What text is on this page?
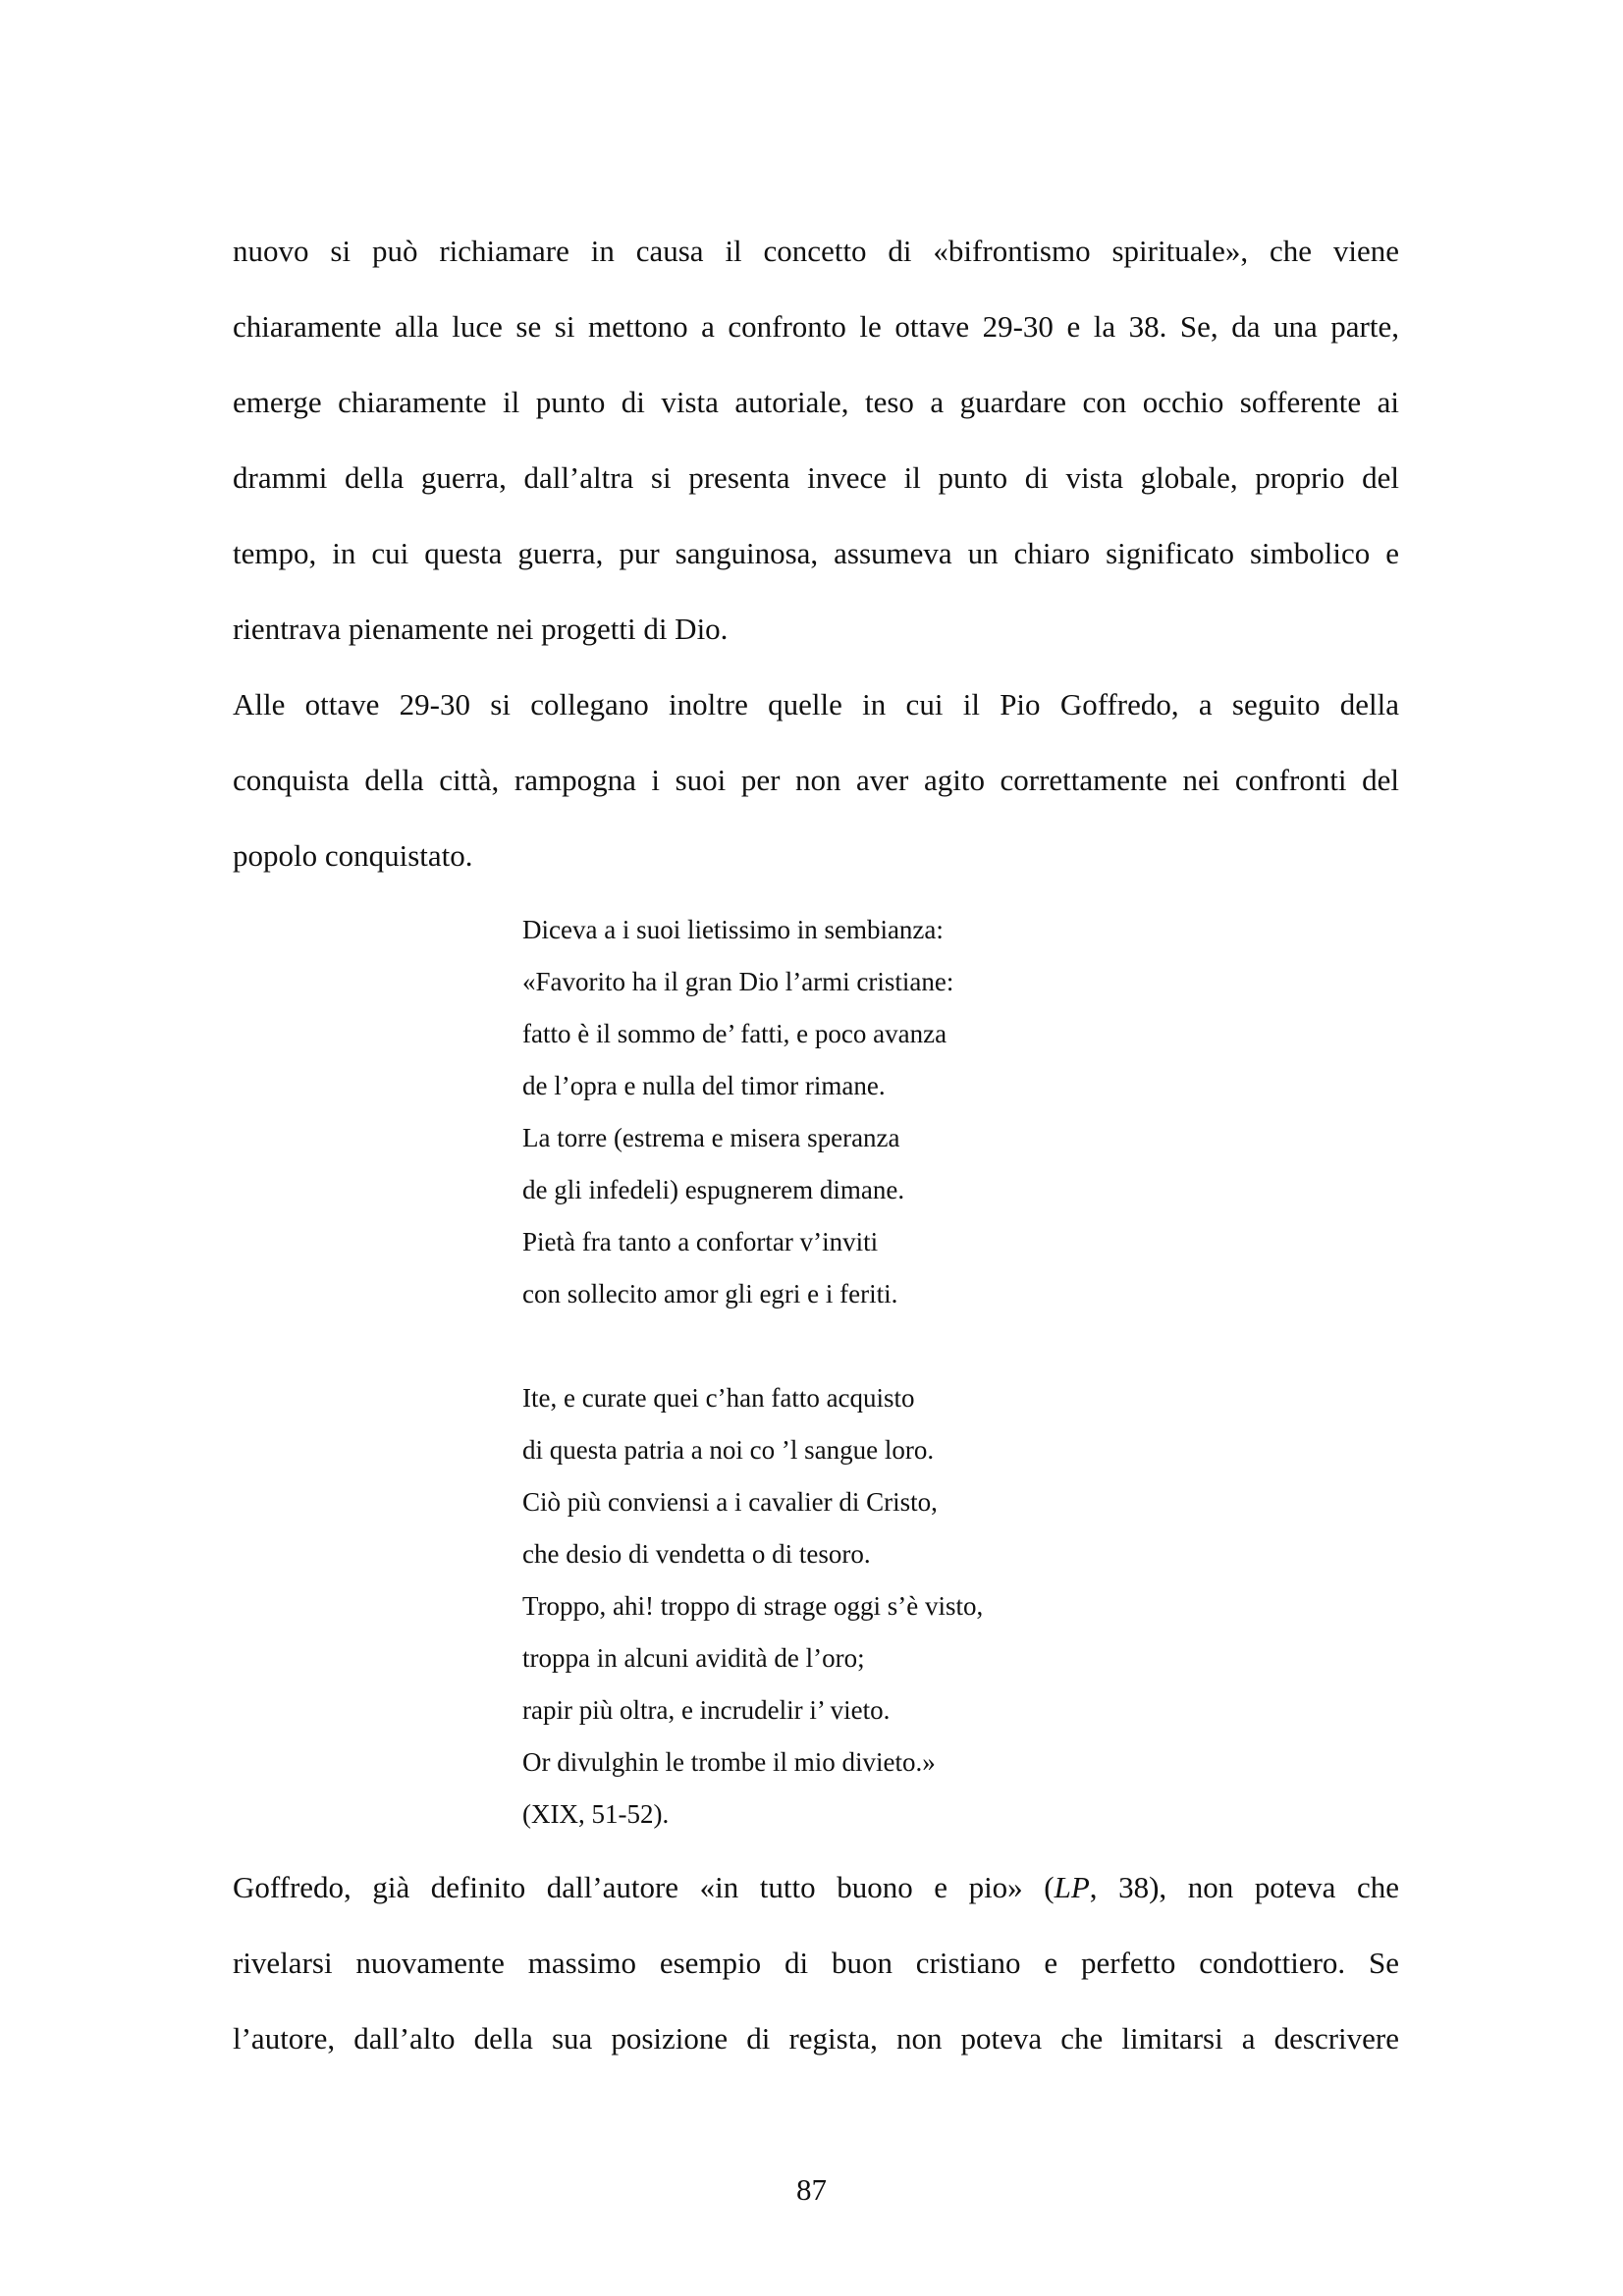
nuovo si può richiamare in causa il concetto di «bifrontismo spirituale», che viene
chiaramente alla luce se si mettono a confronto le ottave 29-30 e la 38. Se, da una parte,
emerge chiaramente il punto di vista autoriale, teso a guardare con occhio sofferente ai
drammi della guerra, dall’altra si presenta invece il punto di vista globale, proprio del
tempo, in cui questa guerra, pur sanguinosa, assumeva un chiaro significato simbolico e
rientrava pienamente nei progetti di Dio.
Alle ottave 29-30 si collegano inoltre quelle in cui il Pio Goffredo, a seguito della
conquista della città, rampogna i suoi per non aver agito correttamente nei confronti del
popolo conquistato.
Diceva a i suoi lietissimo in sembianza:
«Favorito ha il gran Dio l’armi cristiane:
fatto è il sommo de’ fatti, e poco avanza
de l’opra e nulla del timor rimane.
La torre (estrema e misera speranza
de gli infedeli) espugnerem dimane.
Pietà fra tanto a confortar v’inviti
con sollecito amor gli egri e i feriti.
Ite, e curate quei c’han fatto acquisto
di questa patria a noi co ’l sangue loro.
Ciò più conviensi a i cavalier di Cristo,
che desio di vendetta o di tesoro.
Troppo, ahi! troppo di strage oggi s’è visto,
troppa in alcuni avidità de l’oro;
rapir più oltra, e incrudelir i’ vieto.
Or divulghin le trombe il mio divieto.»
(XIX, 51-52).
Goffredo, già definito dall’autore «in tutto buono e pio» (LP, 38), non poteva che
rivelarsi nuovamente massimo esempio di buon cristiano e perfetto condottiero. Se
l’autore, dall’alto della sua posizione di regista, non poteva che limitarsi a descrivere
87
